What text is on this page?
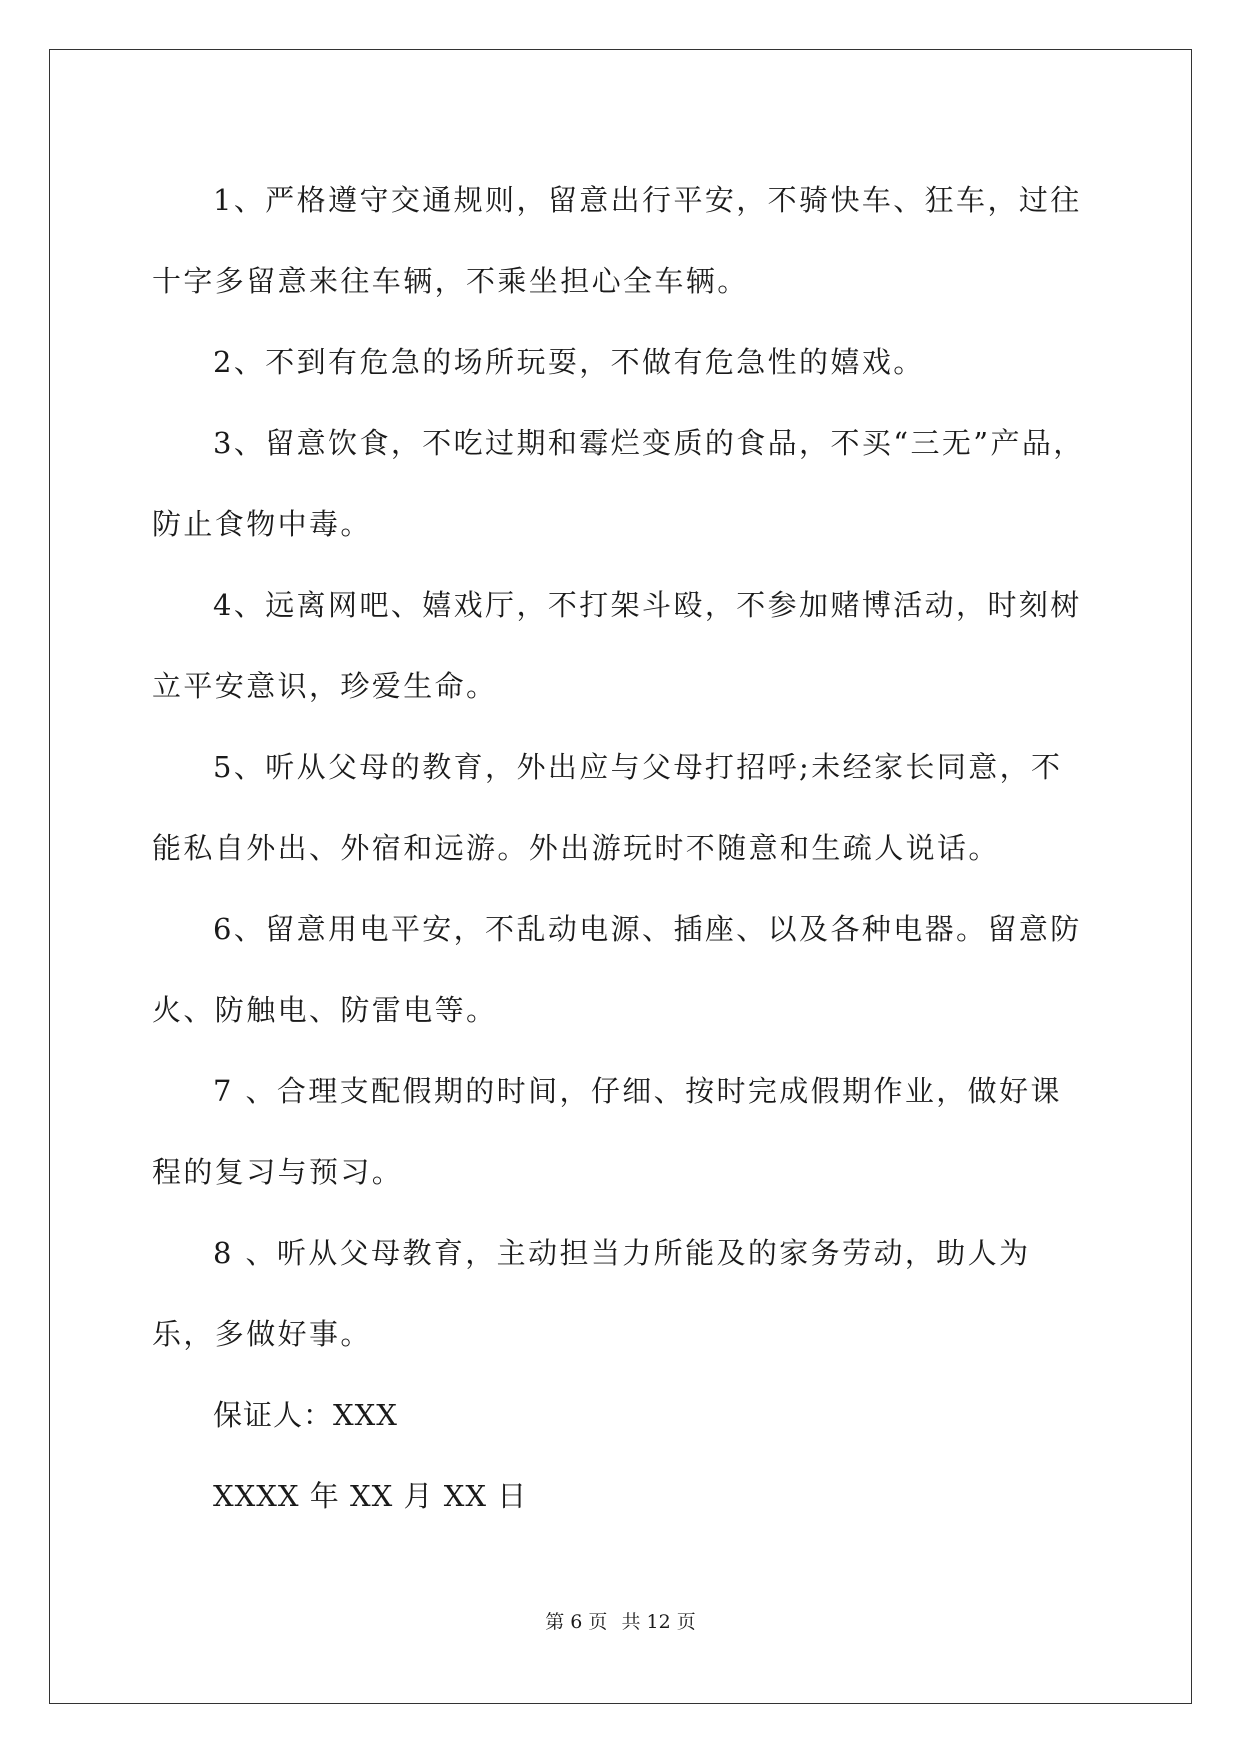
1、严格遵守交通规则，留意出行平安，不骑快车、狂车，过往十字多留意来往车辆，不乘坐担心全车辆。

2、不到有危急的场所玩耍，不做有危急性的嬉戏。

3、留意饮食，不吃过期和霉烂变质的食品，不买“三无”产品，防止食物中毒。

4、远离网吧、嬉戏厅，不打架斗殴，不参加赌博活动，时刻树立平安意识，珍爱生命。

5、听从父母的教育，外出应与父母打招呼;未经家长同意，不能私自外出、外宿和远游。外出游玩时不随意和生疏人说话。

6、留意用电平安，不乱动电源、插座、以及各种电器。留意防火、防触电、防雷电等。

7 、合理支配假期的时间，仔细、按时完成假期作业，做好课程的复习与预习。

8 、听从父母教育，主动担当力所能及的家务劳动，助人为乐，多做好事。

保证人：XXX

XXXX 年 XX 月 XX 日

第 6 页 共 12 页
